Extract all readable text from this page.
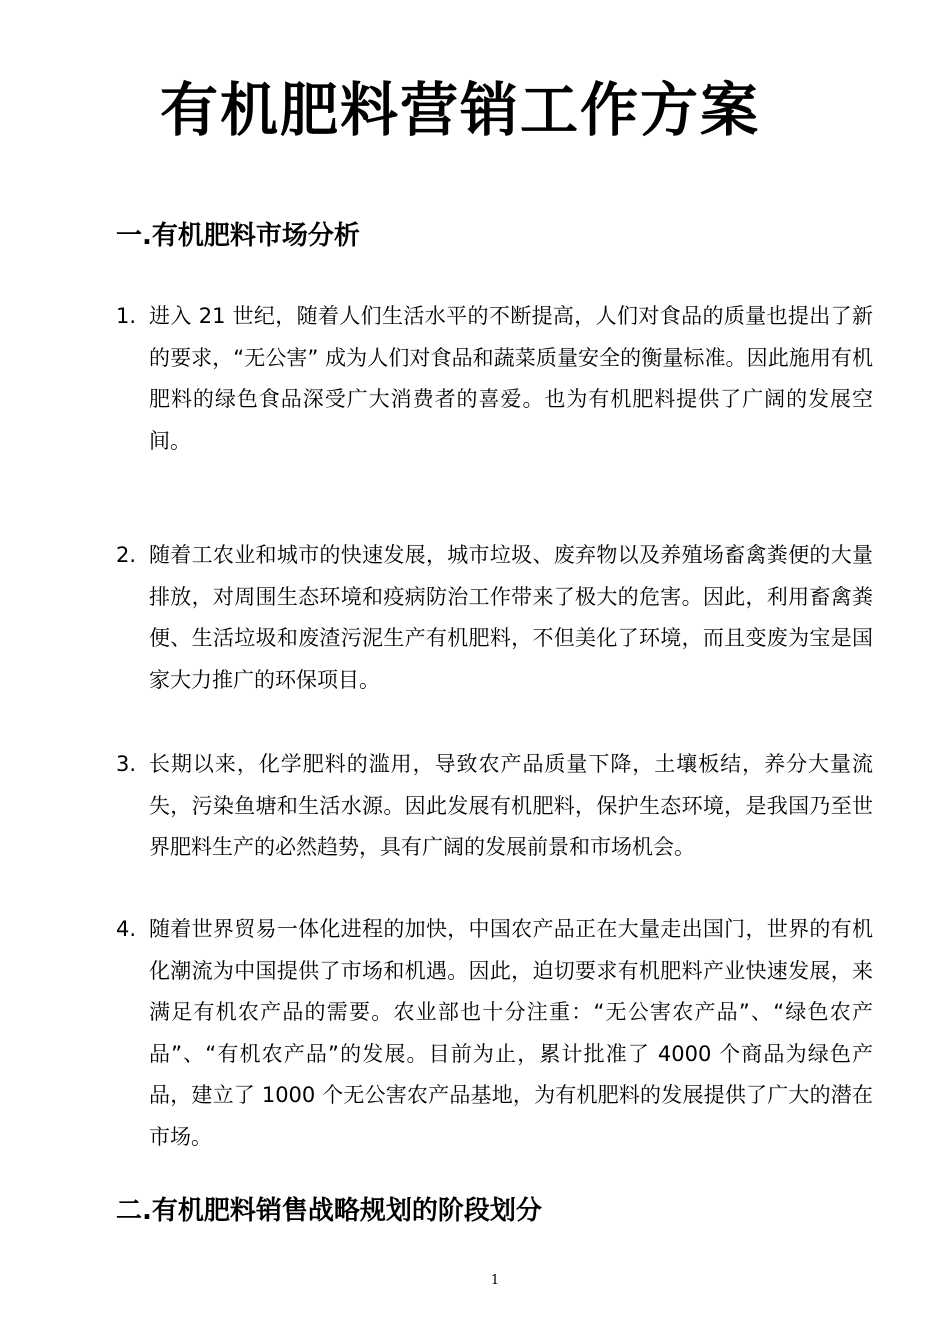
有机肥料营销工作方案
一.有机肥料市场分析
1. 进入 21 世纪，随着人们生活水平的不断提高，人们对食品的质量也提出了新的要求，“无公害” 成为人们对食品和蔬菜质量安全的衡量标准。因此施用有机肥料的绿色食品深受广大消费者的喜爱。也为有机肥料提供了广阔的发展空间。
2. 随着工农业和城市的快速发展，城市垃圾、废弃物以及养殖场畜禽粪便的大量排放，对周围生态环境和疫病防治工作带来了极大的危害。因此，利用畜禽粪便、生活垃圾和废渣污泥生产有机肥料，不但美化了环境，而且变废为宝是国家大力推广的环保项目。
3. 长期以来，化学肥料的滥用，导致农产品质量下降，土壤板结，养分大量流失，污染鱼塘和生活水源。因此发展有机肥料，保护生态环境，是我国乃至世界肥料生产的必然趋势，具有广阔的发展前景和市场机会。
4. 随着世界贸易一体化进程的加快，中国农产品正在大量走出国门，世界的有机化潮流为中国提供了市场和机遇。因此，迫切要求有机肥料产业快速发展，来满足有机农产品的需要。农业部也十分注重：“无公害农产品”、“绿色农产品”、“有机农产品”的发展。目前为止，累计批准了 4000 个商品为绿色产品，建立了 1000 个无公害农产品基地，为有机肥料的发展提供了广大的潜在市场。
二.有机肥料销售战略规划的阶段划分
1
